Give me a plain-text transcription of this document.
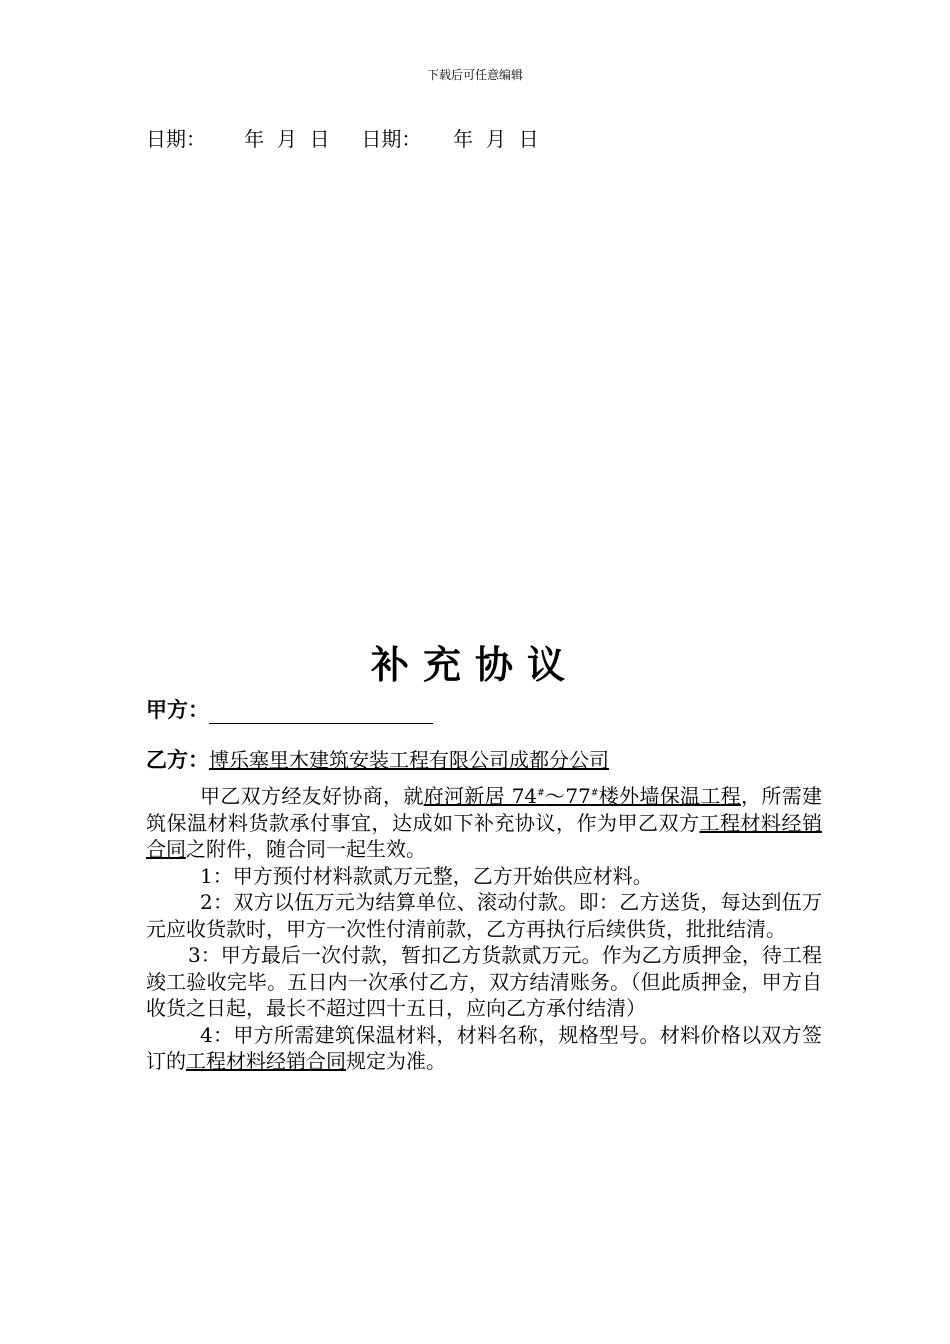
下载后可任意编辑
日期：      年  月  日     日期：     年  月  日
补充协议
甲方：
乙方：博乐塞里木建筑安装工程有限公司成都分公司

甲乙双方经友好协商，就府河新居 74#～77#楼外墙保温工程，所需建筑保温材料货款承付事宜，达成如下补充协议，作为甲乙双方工程材料经销合同之附件，随合同一起生效。

1：甲方预付材料款贰万元整，乙方开始供应材料。

2：双方以伍万元为结算单位、滚动付款。即：乙方送货，每达到伍万元应收货款时，甲方一次性付清前款，乙方再执行后续供货，批批结清。

3：甲方最后一次付款，暂扣乙方货款贰万元。作为乙方质押金，待工程竣工验收完毕。五日内一次承付乙方，双方结清账务。（但此质押金，甲方自收货之日起，最长不超过四十五日，应向乙方承付结清）

4：甲方所需建筑保温材料，材料名称，规格型号。材料价格以双方签订的工程材料经销合同规定为准。
